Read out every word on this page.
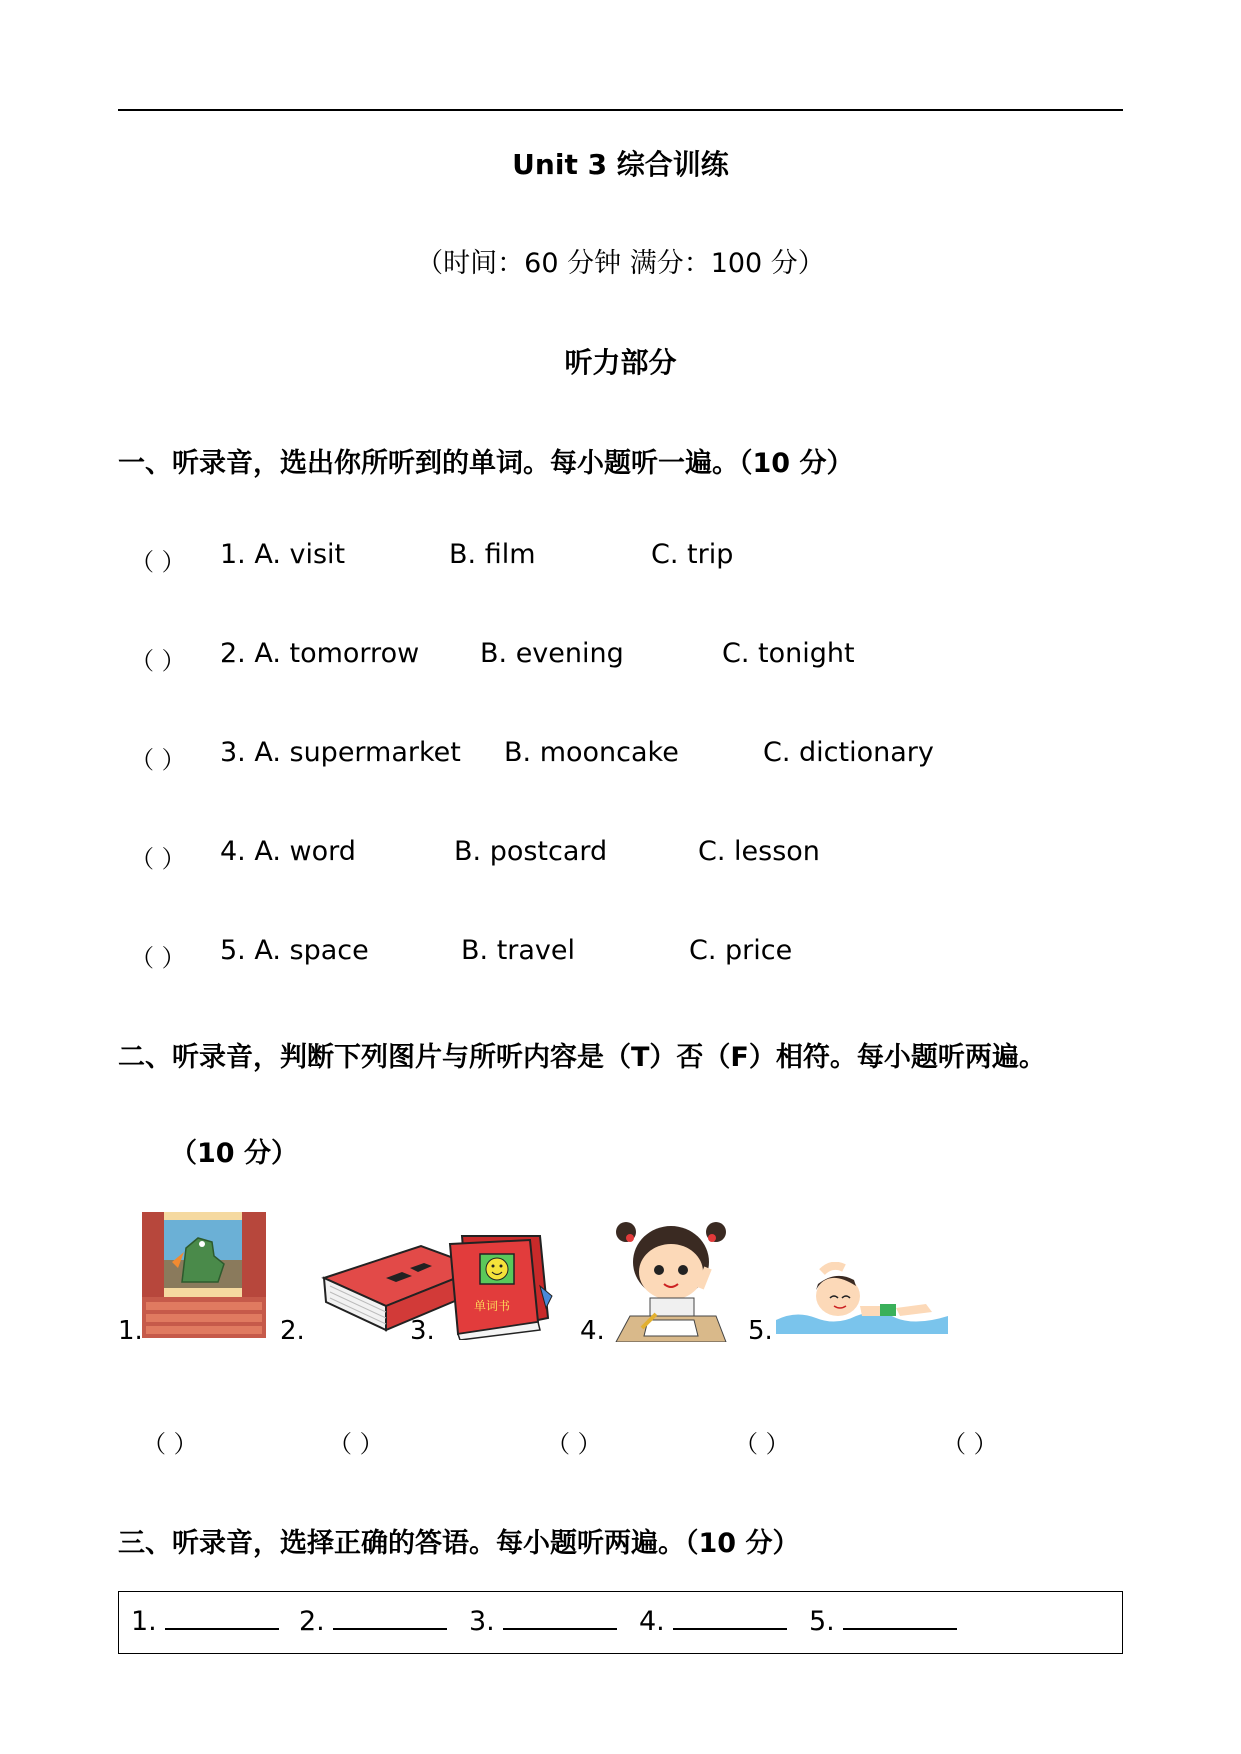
Unit 3 综合训练
（时间：60 分钟 满分：100 分）
听力部分
一、听录音，选出你所听到的单词。每小题听一遍。（10 分）
（ ） 1. A. visit	B. film	C. trip
（ ） 2. A. tomorrow B. evening	C. tonight
（ ） 3. A. supermarket B. mooncake	C. dictionary
（ ） 4. A. word	B. postcard	C. lesson
（ ） 5. A. space	B. travel	C. price
二、听录音，判断下列图片与所听内容是（T）否（F）相符。每小题听两遍。
（10 分）
1.	2.
单词书
3.	4.	5.
（ ）	（ ）	（ ）	（ ）	（ ）
三、听录音，选择正确的答语。每小题听两遍。（10 分）
1.	2.	3.	4.	5.
